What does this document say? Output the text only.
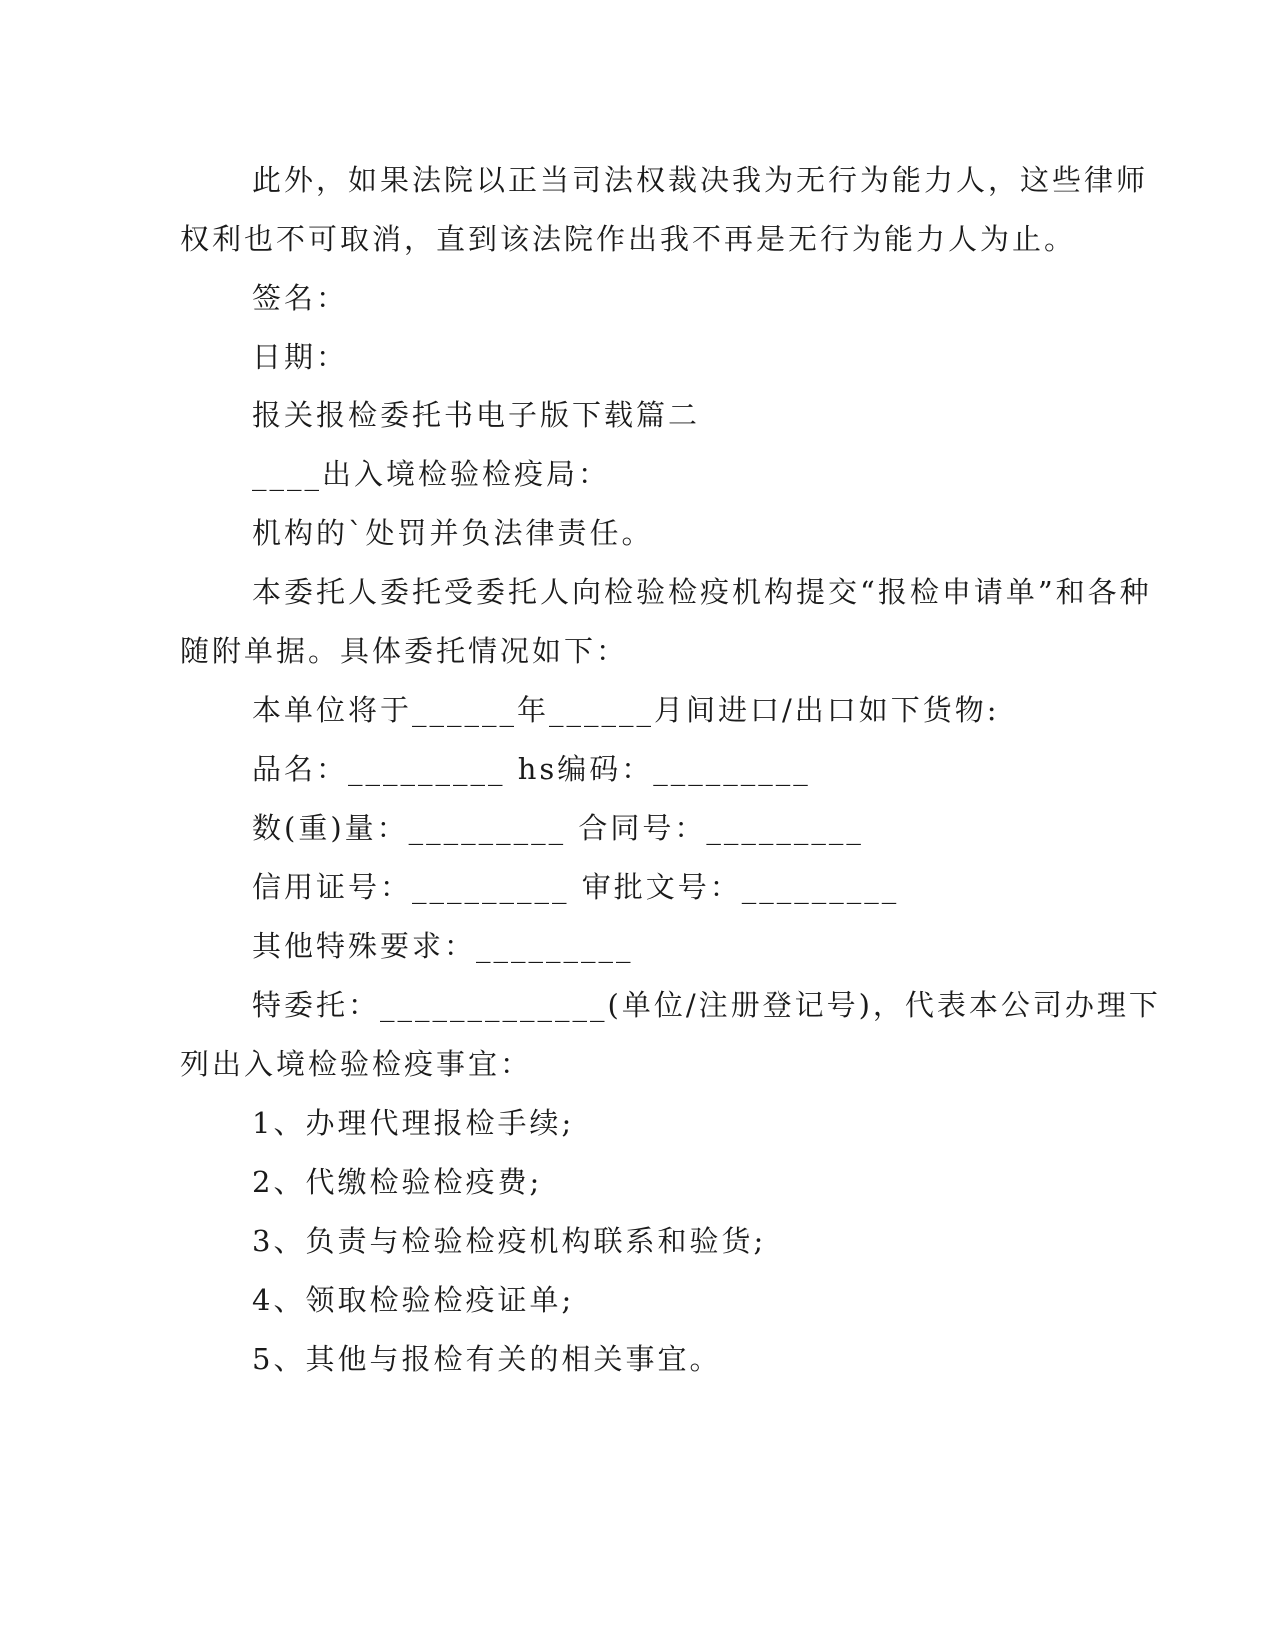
此外，如果法院以正当司法权裁决我为无行为能力人，这些律师
权利也不可取消，直到该法院作出我不再是无行为能力人为止。
签名：
日期：
报关报检委托书电子版下载篇二
____出入境检验检疫局：
机构的`处罚并负法律责任。
本委托人委托受委托人向检验检疫机构提交“报检申请单”和各种
随附单据。具体委托情况如下：
本单位将于______年______月间进口/出口如下货物:
品名：_________ hs编码：_________
数(重)量：_________ 合同号：_________
信用证号：_________ 审批文号：_________
其他特殊要求：_________
特委托：_____________(单位/注册登记号)，代表本公司办理下
列出入境检验检疫事宜：
1、办理代理报检手续;
2、代缴检验检疫费;
3、负责与检验检疫机构联系和验货;
4、领取检验检疫证单;
5、其他与报检有关的相关事宜。
